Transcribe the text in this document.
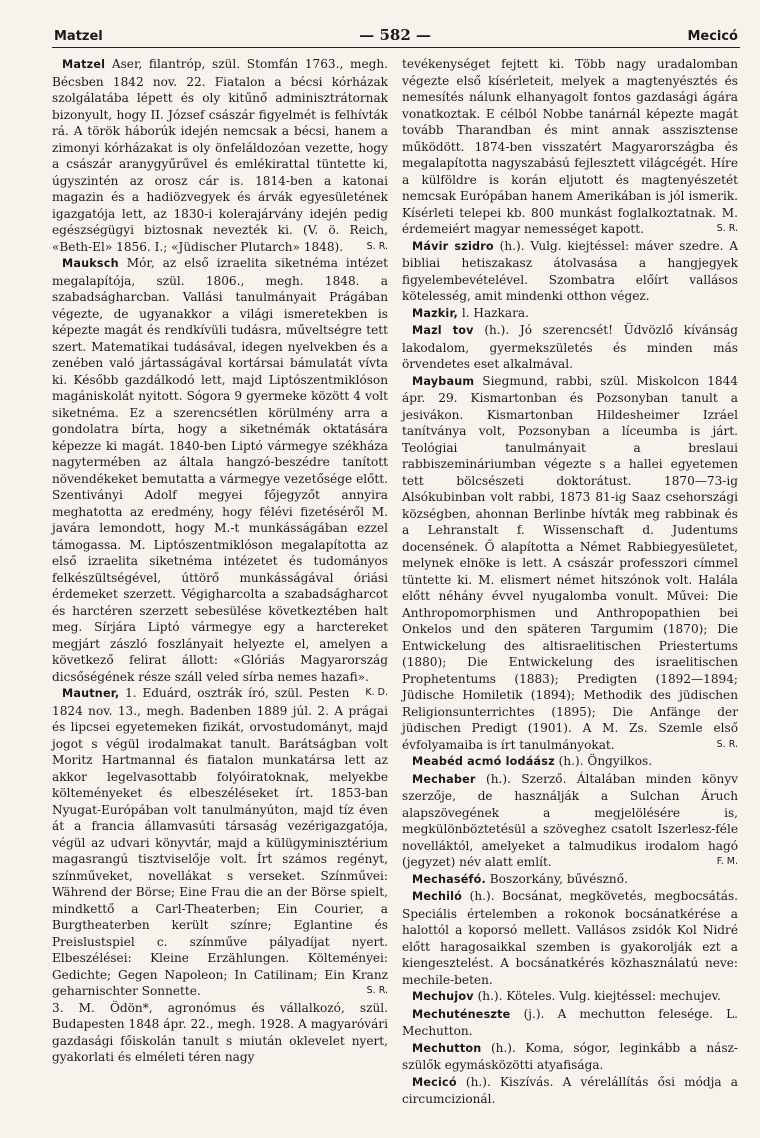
Matzel	— 582 —	Mecicó

Matzel Aser, filantróp, szül. Stomfán 1763., megh. Bécsben 1842 nov. 22. Fiatalon a bécsi kórházak szolgálatába lépett és oly kitűnő adminisztrátornak bizonyult, hogy II. József császár figyelmét is felhívták rá. A török háborúk idején nemcsak a bécsi, hanem a zimonyi kórházakat is oly önfeláldozóan vezette, hogy a császár aranygyűrűvel és emlékirattal tüntette ki, úgyszintén az orosz cár is. 1814-ben a katonai magazin és a hadiözvegyek és árvák egyesületének igazgatója lett, az 1830-i kolerajárvány idején pedig egészségügyi biztosnak nevezték ki. (V. ö. Reich, «Beth-El» 1856. I.; «Jüdischer Plutarch» 1848).	S. R.

Mauksch Mór, az első izraelita siketnéma intézet megalapítója, szül. 1806., megh. 1848. a szabadságharcban. Vallási tanulmányait Prágában végezte, de ugyanakkor a világi ismeretekben is képezte magát és rendkívüli tudásra, műveltségre tett szert. Matematikai tudásával, idegen nyelvekben és a zenében való jártasságával kortársai bámulatát vívta ki. Később gazdálkodó lett, majd Liptószentmiklóson magániskolát nyitott. Sógora 9 gyermeke között 4 volt siketnéma. Ez a szerencsétlen körülmény arra a gondolatra bírta, hogy a siketnémák oktatására képezze ki magát. 1840-ben Liptó vármegye székháza nagytermében az általa hangzó-beszédre tanított növendékeket bemutatta a vármegye vezetősége előtt. Szentiványi Adolf megyei főjegyzőt annyira meghatotta az eredmény, hogy félévi fizetéséről M. javára lemondott, hogy M.-t munkásságában ezzel támogassa. M. Liptószentmiklóson megalapította az első izraelita siketnéma intézetet és tudományos felkészültségével, úttörő munkásságával óriási érdemeket szerzett. Végigharcolta a szabadságharcot és harctéren szerzett sebesülése következtében halt meg. Sírjára Liptó vármegye egy a harctereket megjárt zászló foszlányait helyezte el, amelyen a következő felirat állott: «Glóriás Magyarország dicsőségének része száll veled sírba nemes hazafi».
K. D.

Mautner, 1. Eduárd, osztrák író, szül. Pesten 1824 nov. 13., megh. Badenben 1889 júl. 2. A prágai és lipcsei egyetemeken fizikát, orvostudományt, majd jogot s végül irodalmakat tanult. Barátságban volt Moritz Hartmannal és fiatalon munkatársa lett az akkor legelvasottabb folyóiratoknak, melyekbe költeményeket és elbeszéléseket írt. 1853-ban Nyugat-Európában volt tanulmányúton, majd tíz éven át a francia államvasúti társaság vezérigazgatója, végül az udvari könyvtár, majd a külügyminisztérium magasrangú tisztviselője volt. Írt számos regényt, színműveket, novellákat s verseket. Színművei: Während der Börse; Eine Frau die an der Börse spielt, mindkettő a Carl-Theaterben; Ein Courier, a Burgtheaterben került színre; Eglantine és Preislustspiel c. színműve pályadíjat nyert. Elbeszélései: Kleine Erzählungen. Költeményei: Gedichte; Gegen Napoleon; In Catilinam; Ein Kranz geharnischter Sonnette.	S. R.

3. M. Ödön*, agronómus és vállalkozó, szül. Budapesten 1848 ápr. 22., megh. 1928. A magyaróvári gazdasági főiskolán tanult s miután oklevelet nyert, gyakorlati és elméleti téren nagy

tevékenységet fejtett ki. Több nagy uradalomban végezte első kísérleteit, melyek a magtenyésztés és nemesítés nálunk elhanyagolt fontos gazdasági ágára vonatkoztak. E célból Nobbe tanárnál képezte magát tovább Tharandban és mint annak asszisztense működött. 1874-ben visszatért Magyarországba és megalapította nagyszabású fejlesztett világcégét. Híre a külföldre is korán eljutott és magtenyészetét nemcsak Európában hanem Amerikában is jól ismerik. Kísérleti telepei kb. 800 munkást foglalkoztatnak. M. érdemeiért magyar nemességet kapott.	S. R.

Mávir szidro (h.). Vulg. kiejtéssel: máver szedre. A bibliai hetiszakasz átolvasása a hangjegyek figyelembevételével. Szombatra előírt vallásos kötelesség, amit mindenki otthon végez.

Mazkir, l. Hazkara.

Mazl tov (h.). Jó szerencsét! Üdvözlő kívánság lakodalom, gyermekszületés és minden más örvendetes eset alkalmával.

Maybaum Siegmund, rabbi, szül. Miskolcon 1844 ápr. 29. Kismartonban és Pozsonyban tanult a jesivákon. Kismartonban Hildesheimer Izráel tanítványa volt, Pozsonyban a líceumba is járt. Teológiai tanulmányait a breslaui rabbiszemináriumban végezte s a hallei egyetemen tett bölcsészeti doktorátust. 1870—73-ig Alsókubinban volt rabbi, 1873 81-ig Saaz csehországi községben, ahonnan Berlinbe hívták meg rabbinak és a Lehranstalt f. Wissenschaft d. Judentums docensének. Ő alapította a Német Rabbiegyesületet, melynek elnöke is lett. A császár professzori címmel tüntette ki. M. elismert német hitszónok volt. Halála előtt néhány évvel nyugalomba vonult. Művei: Die Anthropomorphismen und Anthropopathien bei Onkelos und den späteren Targumim (1870); Die Entwickelung des altisraelitischen Priestertums (1880); Die Entwickelung des israelitischen Prophetentums (1883); Predigten (1892—1894; Jüdische Homiletik (1894); Methodik des jüdischen Religionsunterrichtes (1895); Die Anfänge der jüdischen Predigt (1901). A M. Zs. Szemle első évfolyamaiba is írt tanulmányokat.	S. R.

Meabéd acmó lodáász (h.). Öngyilkos.

Mechaber (h.). Szerző. Általában minden könyv szerzője, de használják a Sulchan Áruch alapszövegének a megjelölésére is, megkülönböztetésül a szöveghez csatolt Iszerlesz-féle novelláktól, amelyeket a talmudikus irodalom hagó (jegyzet) név alatt említ.	F. M.

Mechaséfó. Boszorkány, bűvésznő.

Mechiló (h.). Bocsánat, megkövetés, megbocsátás. Speciális értelemben a rokonok bocsánatkérése a halottól a koporsó mellett. Vallásos zsidók Kol Nidré előtt haragosaikkal szemben is gyakorolják ezt a kiengesztelést. A bocsánatkérés közhasználatú neve: mechile-beten.

Mechujov (h.). Köteles. Vulg. kiejtéssel: mechujev.

Mechuténeszte (j.). A mechutton felesége. L. Mechutton.

Mechutton (h.). Koma, sógor, leginkább a nász-szülők egymásközötti atyafisága.

Mecicó (h.). Kiszívás. A vérelállítás ősi módja a circumcizionál.
